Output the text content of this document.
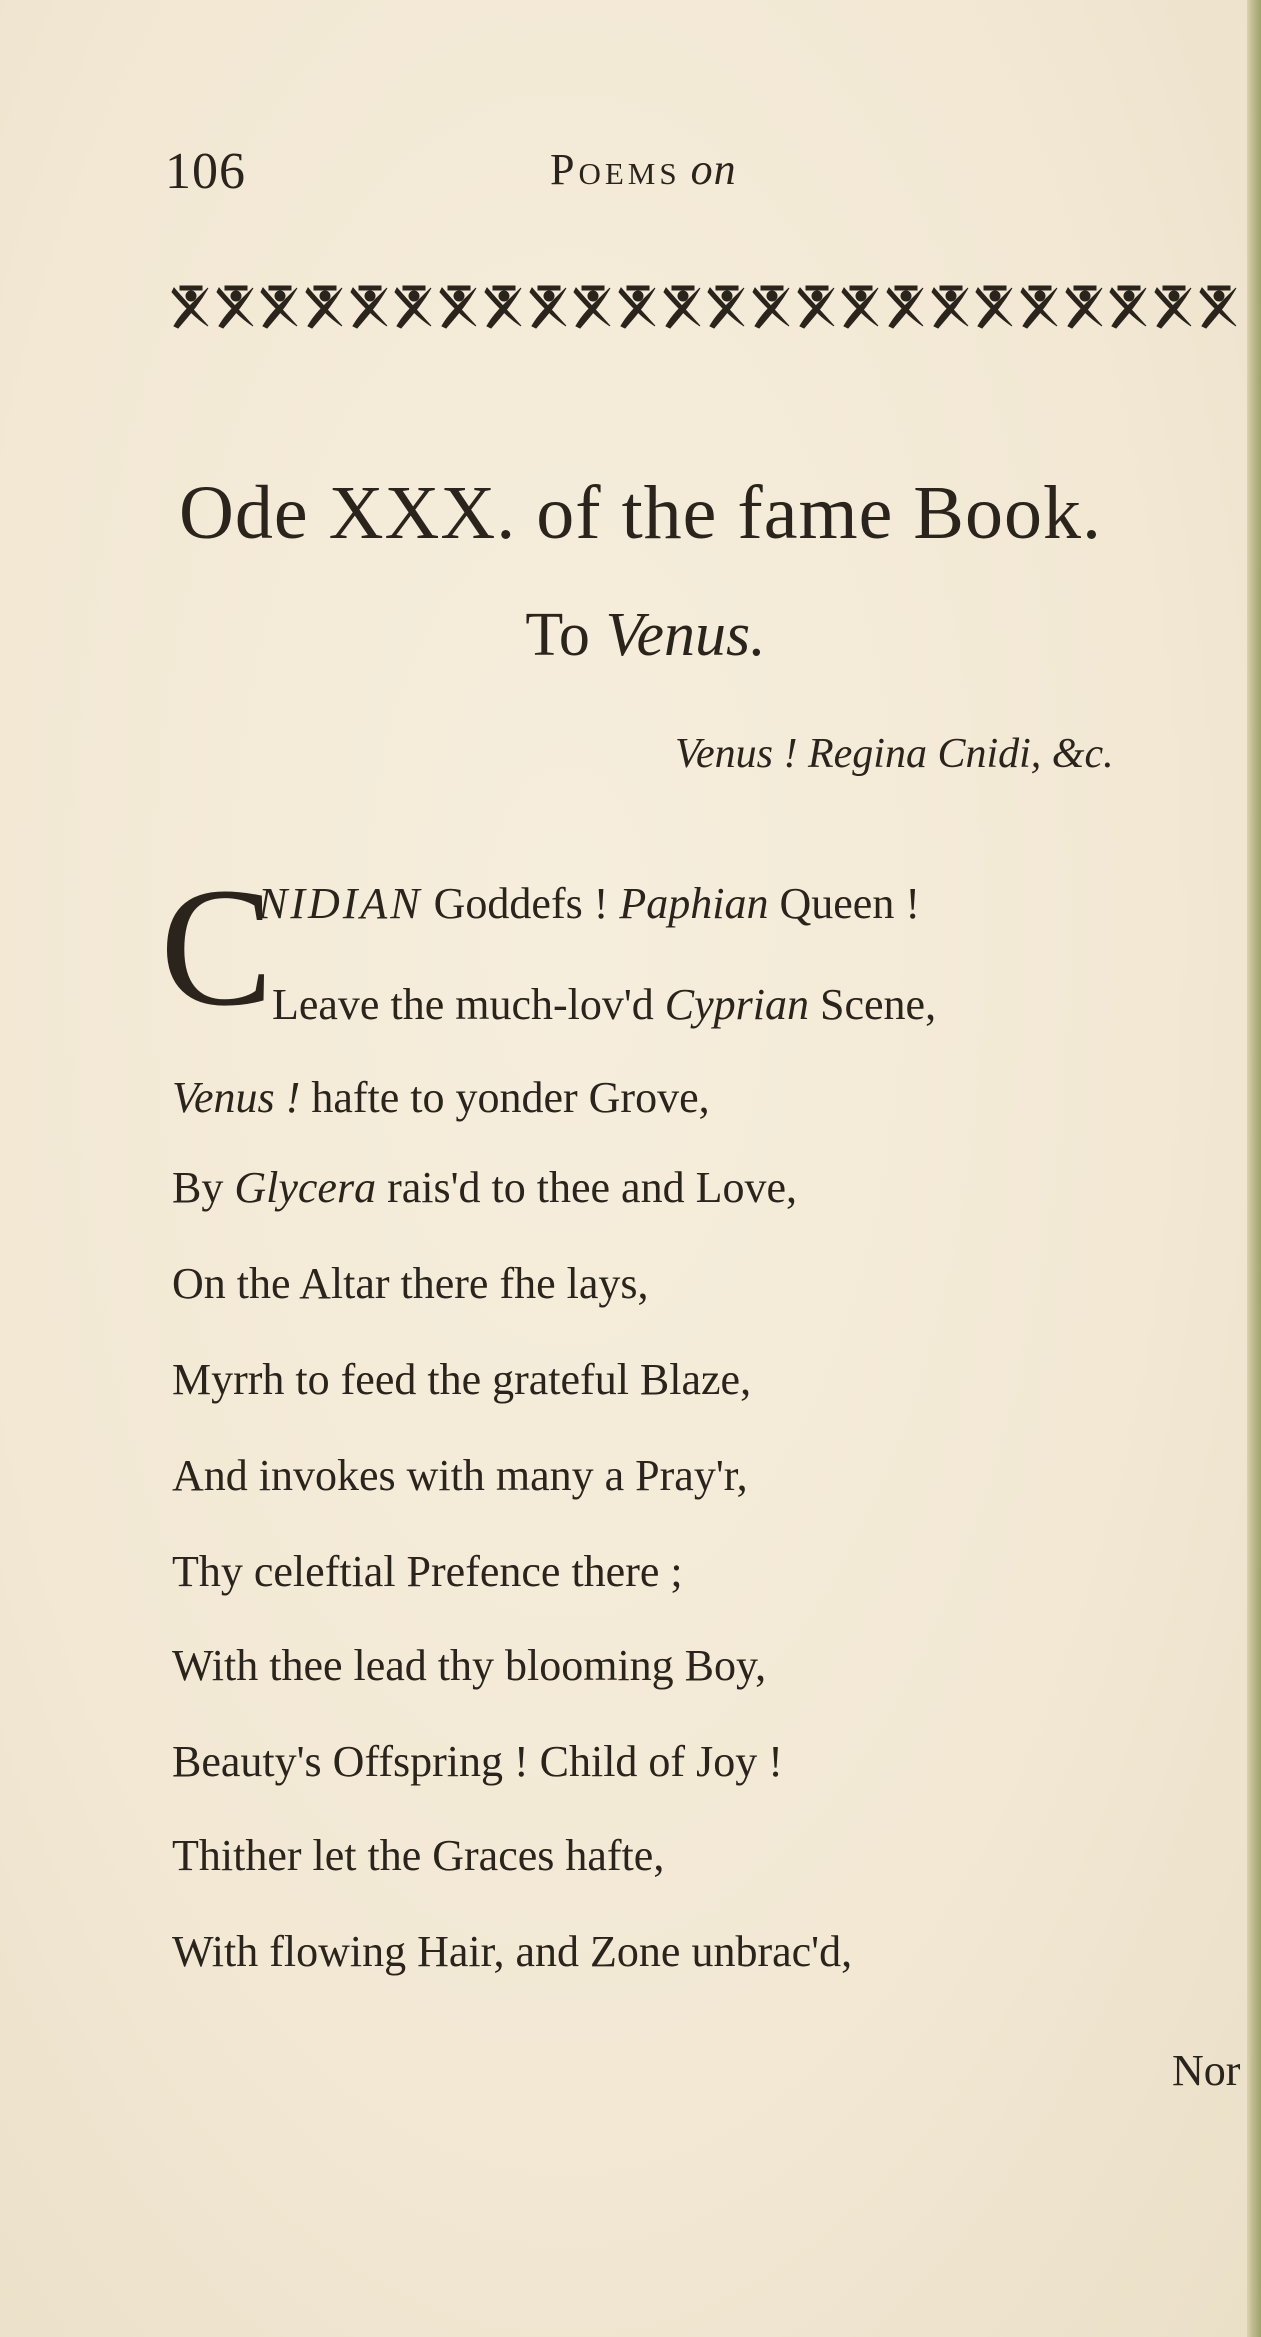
106	Poems on
Ode XXX. of the fame Book.
To Venus.
Venus ! Regina Cnidi, &c.
C
NIDIAN Goddefs ! Paphian Queen !
Leave the much-lov'd Cyprian Scene,
Venus ! hafte to yonder Grove,
By Glycera rais'd to thee and Love,
On the Altar there fhe lays,
Myrrh to feed the grateful Blaze,
And invokes with many a Pray'r,
Thy celeftial Prefence there ;
With thee lead thy blooming Boy,
Beauty's Offspring ! Child of Joy !
Thither let the Graces hafte,
With flowing Hair, and Zone unbrac'd,
Nor
